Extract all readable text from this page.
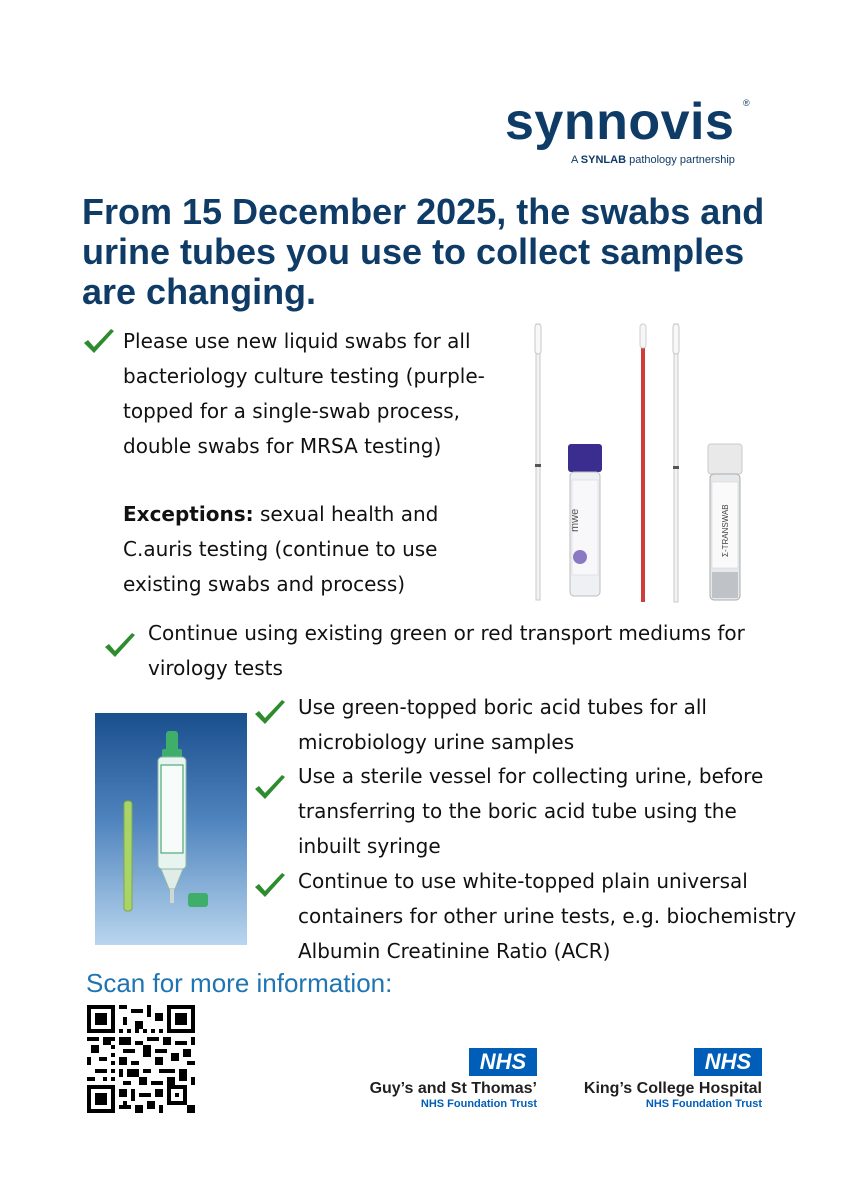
synnovis ®
A SYNLAB pathology partnership
From 15 December 2025, the swabs and urine tubes you use to collect samples are changing.
Please use new liquid swabs for all bacteriology culture testing (purple-topped for a single-swab process, double swabs for MRSA testing)
Exceptions: sexual health and C.auris testing (continue to use existing swabs and process)
mwe	Σ-TRANSWAB
Continue using existing green or red transport mediums for virology tests
Use green-topped boric acid tubes for all microbiology urine samples
Use a sterile vessel for collecting urine, before transferring to the boric acid tube using the inbuilt syringe
Continue to use white-topped plain universal containers for other urine tests, e.g. biochemistry Albumin Creatinine Ratio (ACR)
Scan for more information:
NHS
Guy’s and St Thomas’
NHS Foundation Trust
NHS
King’s College Hospital
NHS Foundation Trust
